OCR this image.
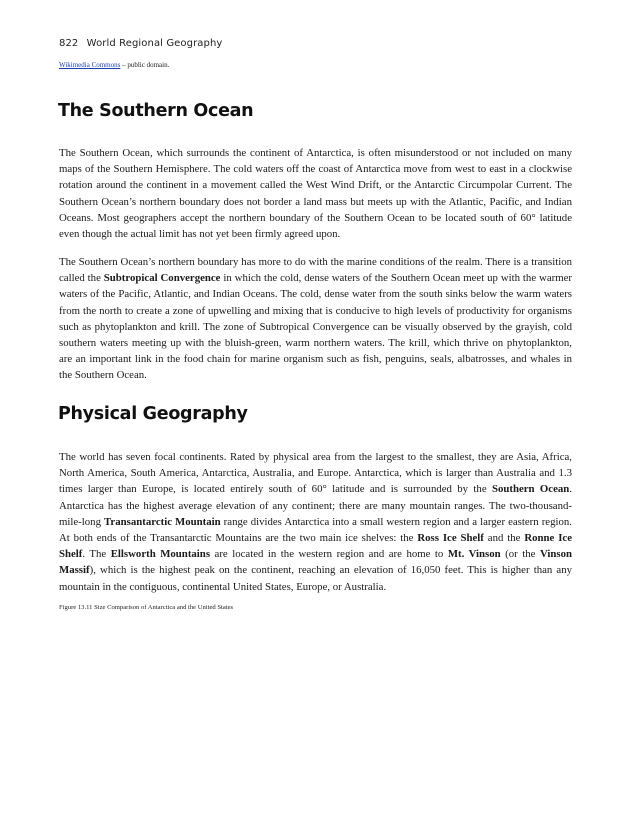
822 World Regional Geography
Wikimedia Commons – public domain.
The Southern Ocean

The Southern Ocean, which surrounds the continent of Antarctica, is often misunderstood or not included on many maps of the Southern Hemisphere. The cold waters off the coast of Antarctica move from west to east in a clockwise rotation around the continent in a movement called the West Wind Drift, or the Antarctic Circumpolar Current. The Southern Ocean’s northern boundary does not border a land mass but meets up with the Atlantic, Pacific, and Indian Oceans. Most geographers accept the northern boundary of the Southern Ocean to be located south of 60° latitude even though the actual limit has not yet been firmly agreed upon.

The Southern Ocean’s northern boundary has more to do with the marine conditions of the realm. There is a transition called the Subtropical Convergence in which the cold, dense waters of the Southern Ocean meet up with the warmer waters of the Pacific, Atlantic, and Indian Oceans. The cold, dense water from the south sinks below the warm waters from the north to create a zone of upwelling and mixing that is conducive to high levels of productivity for organisms such as phytoplankton and krill. The zone of Subtropical Convergence can be visually observed by the grayish, cold southern waters meeting up with the bluish-green, warm northern waters. The krill, which thrive on phytoplankton, are an important link in the food chain for marine organism such as fish, penguins, seals, albatrosses, and whales in the Southern Ocean.

Physical Geography

The world has seven focal continents. Rated by physical area from the largest to the smallest, they are Asia, Africa, North America, South America, Antarctica, Australia, and Europe. Antarctica, which is larger than Australia and 1.3 times larger than Europe, is located entirely south of 60° latitude and is surrounded by the Southern Ocean. Antarctica has the highest average elevation of any continent; there are many mountain ranges. The two-thousand-mile-long Transantarctic Mountain range divides Antarctica into a small western region and a larger eastern region. At both ends of the Transantarctic Mountains are the two main ice shelves: the Ross Ice Shelf and the Ronne Ice Shelf. The Ellsworth Mountains are located in the western region and are home to Mt. Vinson (or the Vinson Massif), which is the highest peak on the continent, reaching an elevation of 16,050 feet. This is higher than any mountain in the contiguous, continental United States, Europe, or Australia.

Figure 13.11 Size Comparison of Antarctica and the United States
